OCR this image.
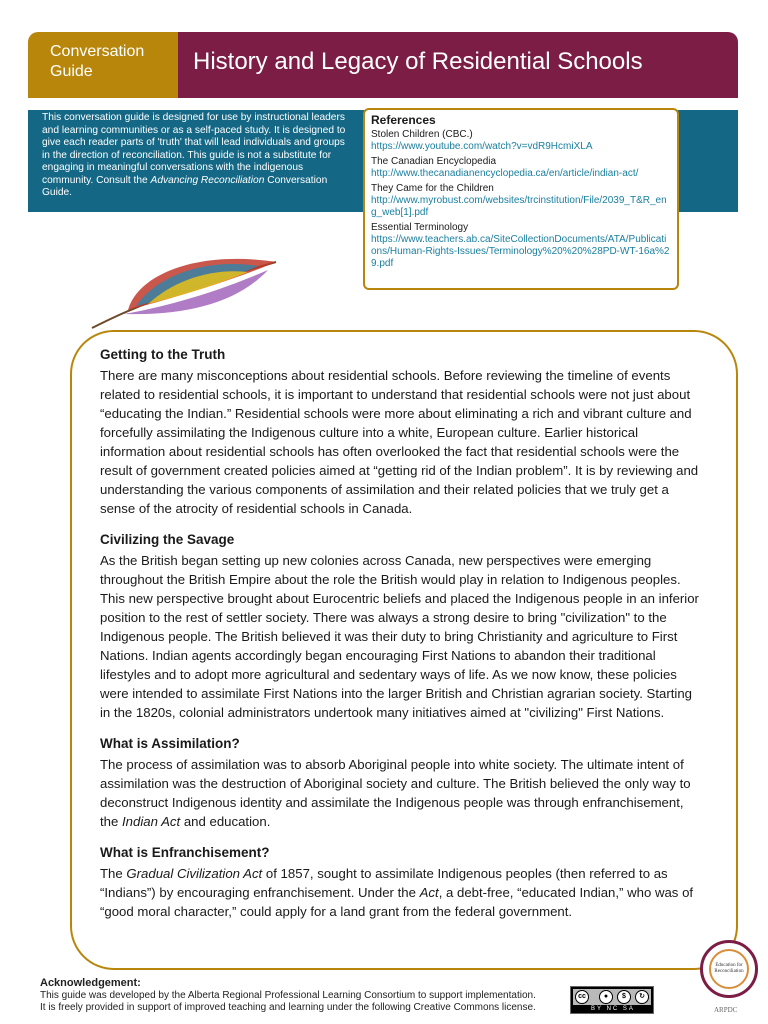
Conversation Guide	History and Legacy of Residential Schools
This conversation guide is designed for use by instructional leaders and learning communities or as a self-paced study. It is designed to give each reader parts of 'truth' that will lead individuals and groups in the direction of reconciliation. This guide is not a substitute for engaging in meaningful conversations with the indigenous community. Consult the Advancing Reconciliation Conversation Guide.
References
Stolen Children (CBC.)
https://www.youtube.com/watch?v=vdR9HcmiXLA
The Canadian Encyclopedia
http://www.thecanadianencyclopedia.ca/en/article/indian-act/
They Came for the Children
http://www.myrobust.com/websites/trcinstitution/File/2039_T&R_eng_web[1].pdf
Essential Terminology
https://www.teachers.ab.ca/SiteCollectionDocuments/ATA/Publications/Human-Rights-Issues/Terminology%20%20%28PD-WT-16a%29.pdf
Getting to the Truth

There are many misconceptions about residential schools. Before reviewing the timeline of events related to residential schools, it is important to understand that residential schools were not just about “educating the Indian.” Residential schools were more about eliminating a rich and vibrant culture and forcefully assimilating the Indigenous culture into a white, European culture. Earlier historical information about residential schools has often overlooked the fact that residential schools were the result of government created policies aimed at “getting rid of the Indian problem”. It is by reviewing and understanding the various components of assimilation and their related policies that we truly get a sense of the atrocity of residential schools in Canada.

Civilizing the Savage

As the British began setting up new colonies across Canada, new perspectives were emerging throughout the British Empire about the role the British would play in relation to Indigenous peoples. This new perspective brought about Eurocentric beliefs and placed the Indigenous people in an inferior position to the rest of settler society. There was always a strong desire to bring "civilization" to the Indigenous people. The British believed it was their duty to bring Christianity and agriculture to First Nations. Indian agents accordingly began encouraging First Nations to abandon their traditional lifestyles and to adopt more agricultural and sedentary ways of life. As we now know, these policies were intended to assimilate First Nations into the larger British and Christian agrarian society. Starting in the 1820s, colonial administrators undertook many initiatives aimed at "civilizing" First Nations.

What is Assimilation?

The process of assimilation was to absorb Aboriginal people into white society. The ultimate intent of assimilation was the destruction of Aboriginal society and culture. The British believed the only way to deconstruct Indigenous identity and assimilate the Indigenous people was through enfranchisement, the Indian Act and education.

What is Enfranchisement?

The Gradual Civilization Act of 1857, sought to assimilate Indigenous peoples (then referred to as “Indians”) by encouraging enfranchisement. Under the Act, a debt-free, “educated Indian,” who was of “good moral character,” could apply for a land grant from the federal government.

Acknowledgement:
This guide was developed by the Alberta Regional Professional Learning Consortium to support implementation.
It is freely provided in support of improved teaching and learning under the following Creative Commons license.
cc	●	$	↻
BY NC SA
Education for Reconciliation
ARPDC
